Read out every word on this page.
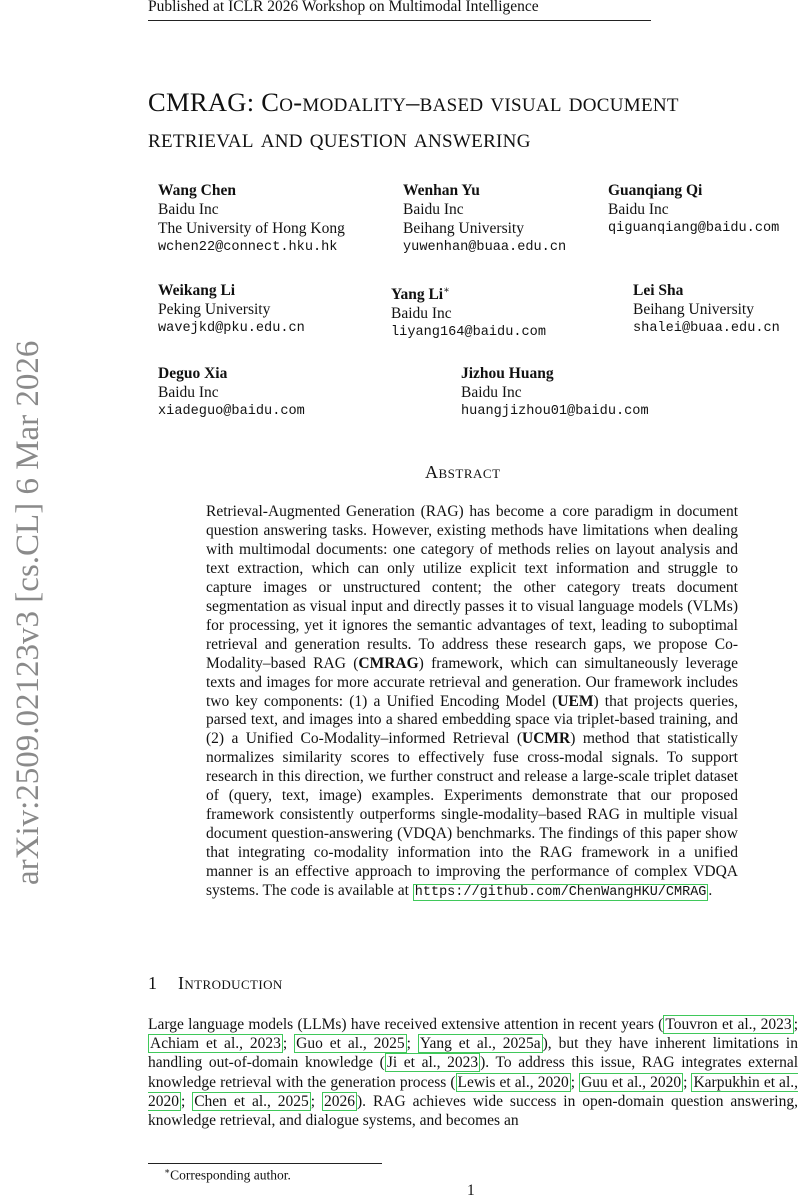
Published at ICLR 2026 Workshop on Multimodal Intelligence
CMRAG: Co-modality–based visual document
retrieval and question answering
Wang Chen
Baidu Inc
The University of Hong Kong
wchen22@connect.hku.hk
Wenhan Yu
Baidu Inc
Beihang University
yuwenhan@buaa.edu.cn
Guanqiang Qi
Baidu Inc
qiguanqiang@baidu.com
Weikang Li
Peking University
wavejkd@pku.edu.cn
Yang Li∗
Baidu Inc
liyang164@baidu.com
Lei Sha
Beihang University
shalei@buaa.edu.cn
Deguo Xia
Baidu Inc
xiadeguo@baidu.com
Jizhou Huang
Baidu Inc
huangjizhou01@baidu.com
arXiv:2509.02123v3 [cs.CL] 6 Mar 2026	Abstract
Retrieval-Augmented Generation (RAG) has become a core paradigm in document question answering tasks. However, existing methods have limitations when dealing with multimodal documents: one category of methods relies on layout analysis and text extraction, which can only utilize explicit text information and struggle to capture images or unstructured content; the other category treats document segmentation as visual input and directly passes it to visual language models (VLMs) for processing, yet it ignores the semantic advantages of text, leading to suboptimal retrieval and generation results. To address these research gaps, we propose Co-Modality–based RAG (CMRAG) framework, which can simultaneously leverage texts and images for more accurate retrieval and generation. Our framework includes two key components: (1) a Unified Encoding Model (UEM) that projects queries, parsed text, and images into a shared embedding space via triplet-based training, and (2) a Unified Co-Modality–informed Retrieval (UCMR) method that statistically normalizes similarity scores to effectively fuse cross-modal signals. To support research in this direction, we further construct and release a large-scale triplet dataset of (query, text, image) examples. Experiments demonstrate that our proposed framework consistently outperforms single-modality–based RAG in multiple visual document question-answering (VDQA) benchmarks. The findings of this paper show that integrating co-modality information into the RAG framework in a unified manner is an effective approach to improving the performance of complex VDQA systems. The code is available at https://github.com/ChenWangHKU/CMRAG .
1 Introduction
Large language models (LLMs) have received extensive attention in recent years ( Touvron et al., 2023 ; Achiam et al., 2023 ; Guo et al., 2025 ; Yang et al., 2025a ), but they have inherent limitations in handling out-of-domain knowledge ( Ji et al., 2023 ). To address this issue, RAG integrates external knowledge retrieval with the generation process ( Lewis et al., 2020 ; Guu et al., 2020 ; Karpukhin et al., 2020 ; Chen et al., 2025 ; 2026 ). RAG achieves wide success in open-domain question answering, knowledge retrieval, and dialogue systems, and becomes an
∗Corresponding author.
1
